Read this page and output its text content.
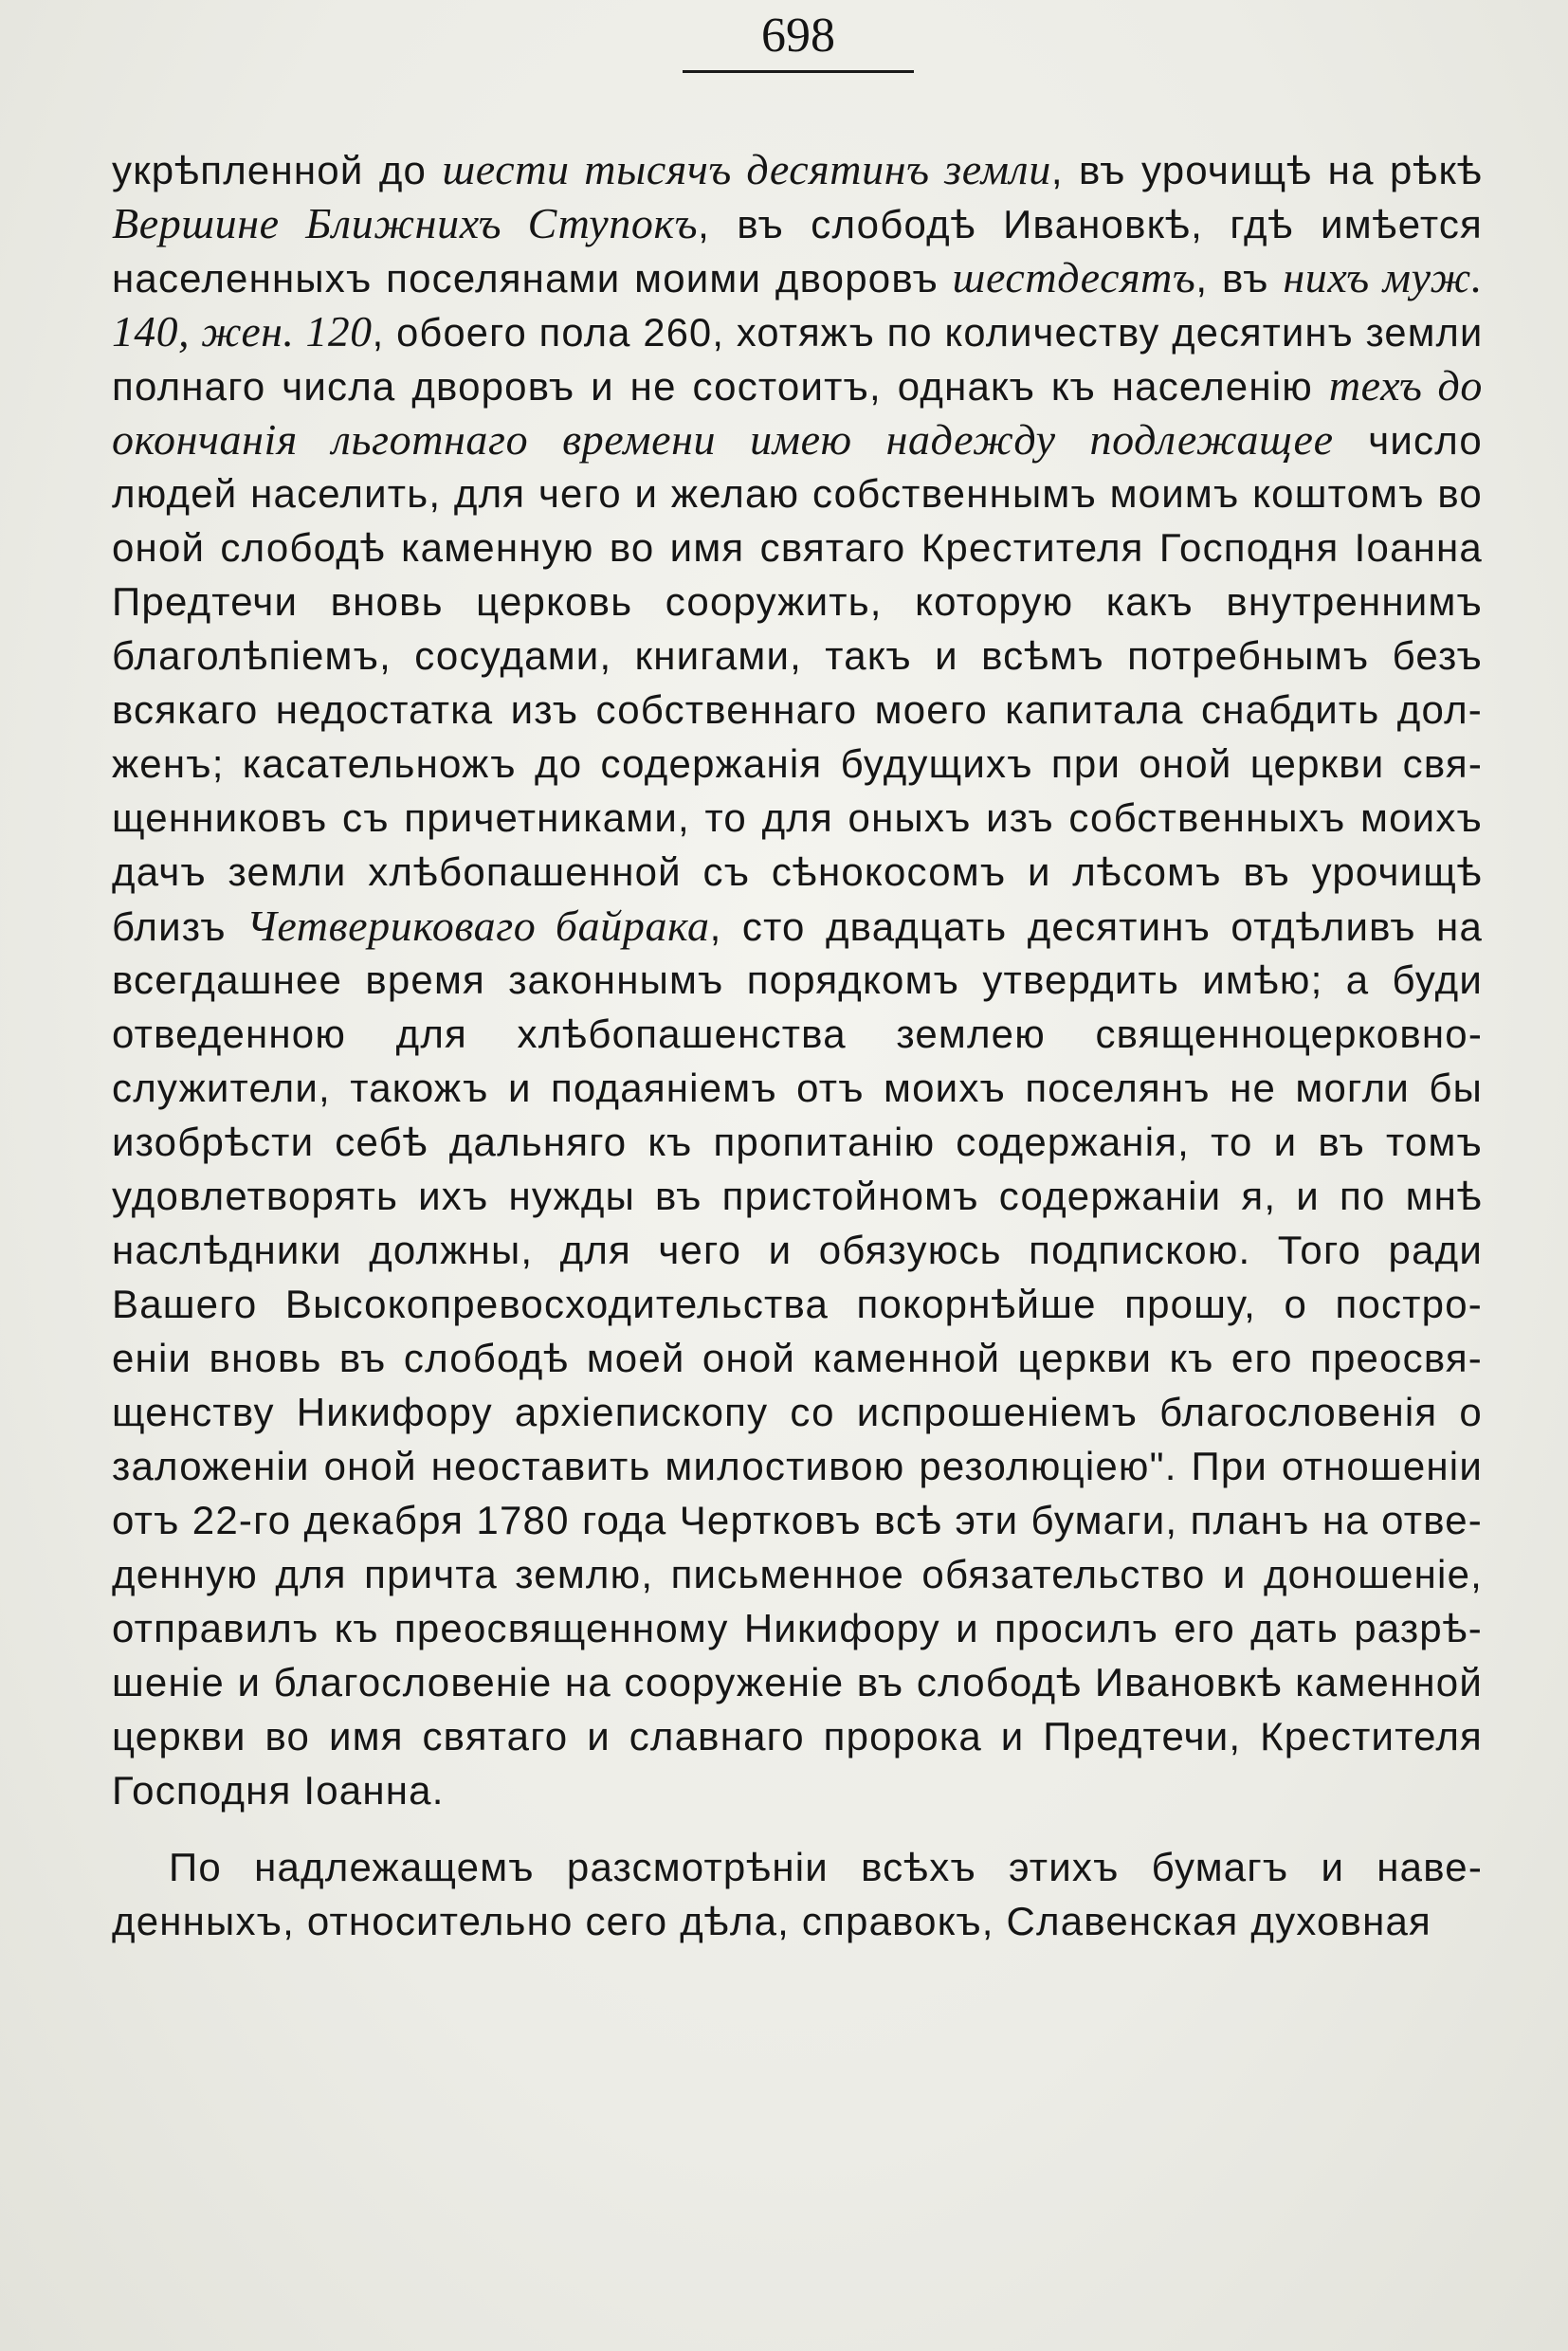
698
укрѣпленной до шести тысячъ десятинъ земли, въ урочищѣ на рѣкѣ
Вершине Ближнихъ Ступокъ, въ слободѣ Ивановкѣ, гдѣ имѣется
населенныхъ поселянами моими дворовъ шестдесятъ, въ нихъ муж.
140, жен. 120, обоего пола 260, хотяжъ по количеству десятинъ земли
полнаго числа дворовъ и не состоитъ, однакъ къ населенію техъ до
окончанія льготнаго времени имею надежду подлежащее число
людей населить, для чего и желаю собственнымъ моимъ коштомъ во
оной слободѣ каменную во имя святаго Крестителя Господня Іоанна
Предтечи вновь церковь сооружить, которую какъ внутреннимъ
благолѣпіемъ, сосудами, книгами, такъ и всѣмъ потребнымъ безъ
всякаго недостатка изъ собственнаго моего капитала снабдить дол-
женъ; касательножъ до содержанія будущихъ при оной церкви свя-
щенниковъ съ причетниками, то для оныхъ изъ собственныхъ моихъ
дачъ земли хлѣбопашенной съ сѣнокосомъ и лѣсомъ въ урочищѣ
близъ Четвериковаго байрака, сто двадцать десятинъ отдѣливъ на
всегдашнее время законнымъ порядкомъ утвердить имѣю; а буди
отведенною для хлѣбопашенства землею священноцерковно-
служители, такожъ и подаяніемъ отъ моихъ поселянъ не могли бы
изобрѣсти себѣ дальняго къ пропитанію содержанія, то и въ томъ
удовлетворять ихъ нужды въ пристойномъ содержаніи я, и по мнѣ
наслѣдники должны, для чего и обязуюсь подпискою. Того ради
Вашего Высокопревосходительства покорнѣйше прошу, о постро-
еніи вновь въ слободѣ моей оной каменной церкви къ его преосвя-
щенству Никифору архіепископу со испрошеніемъ благословенія о
заложеніи оной неоставить милостивою резолюціею". При отношеніи
отъ 22-го декабря 1780 года Чертковъ всѣ эти бумаги, планъ на отве-
денную для причта землю, письменное обязательство и доношеніе,
отправилъ къ преосвященному Никифору и просилъ его дать разрѣ-
шеніе и благословеніе на сооруженіе въ слободѣ Ивановкѣ каменной
церкви во имя святаго и славнаго пророка и Предтечи, Крестителя
Господня Іоанна.
По надлежащемъ разсмотрѣніи всѣхъ этихъ бумагъ и наве-
денныхъ, относительно сего дѣла, справокъ, Славенская духовная
